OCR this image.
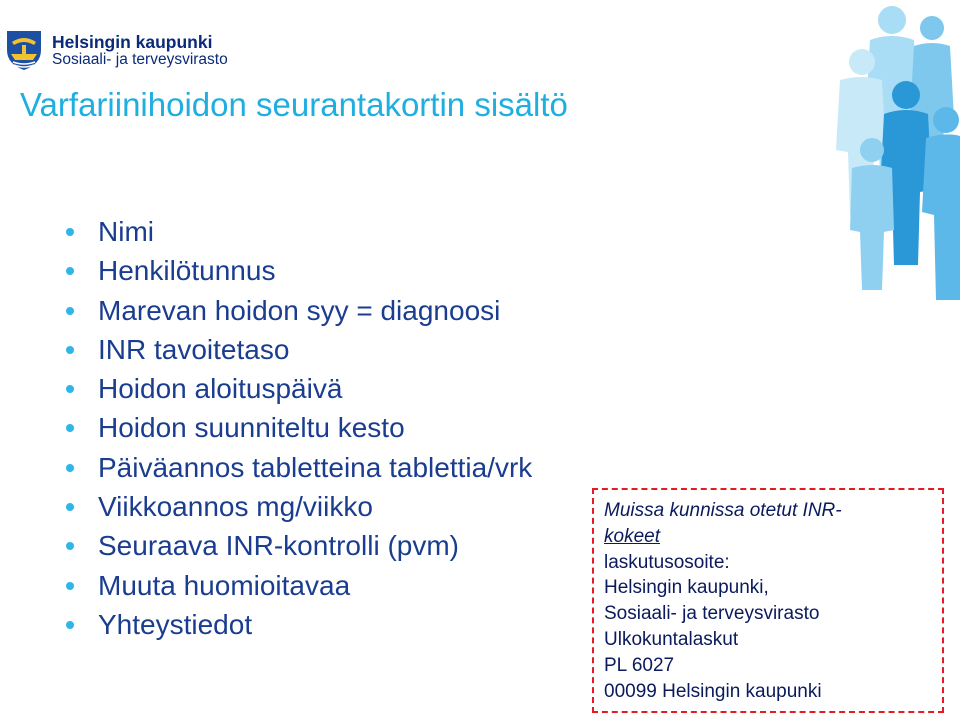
Helsingin kaupunki
Sosiaali- ja terveysvirasto
Varfariinihoidon seurantakortin sisältö
Nimi
Henkilötunnus
Marevan hoidon syy = diagnoosi
INR tavoitetaso
Hoidon aloituspäivä
Hoidon suunniteltu kesto
Päiväannos tabletteina tablettia/vrk
Viikkoannos mg/viikko
Seuraava INR-kontrolli (pvm)
Muuta huomioitavaa
Yhteystiedot
Muissa kunnissa otetut INR-
kokeet
laskutusosoite:
Helsingin kaupunki,
Sosiaali- ja terveysvirasto
Ulkokuntalaskut
PL 6027
00099 Helsingin kaupunki
